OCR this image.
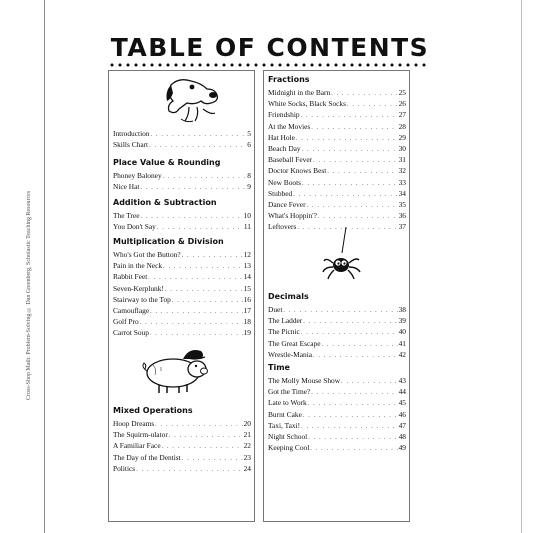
Cross-Shop Math: Problem-Solving © Dan Greenberg, Scholastic Teaching Resources
TABLE OF CONTENTS
Introduction . . .	5
Skills Chart . . .	6
Place Value & Rounding
Phoney Baloney . . .	8
Nice Hat . . .	9
Addition & Subtraction
The Tree . . .	10
You Don't Say . . .	11
Multiplication & Division
Who's Got the Button? . . .	12
Pain in the Neck . . .	13
Rabbit Feet . . .	14
Seven-Kerplunk! . . .	15
Stairway to the Top . . .	16
Camouflage . . .	17
Golf Pro . . .	18
Carrot Soup . . .	19
Mixed Operations
Hoop Dreams . . .	20
The Squirm-ulator . . .	21
A Familiar Face . . .	22
The Day of the Dentist . . .	23
Politics . . .	24
Fractions
Midnight in the Barn . . .	25
White Socks, Black Socks . . .	26
Friendship . . .	27
At the Movies . . .	28
Hat Hole . . .	29
Beach Day . . .	30
Baseball Fever . . .	31
Doctor Knows Best . . .	32
New Boots . . .	33
Stubbed . . .	34
Dance Fever . . .	35
What's Hoppin'? . . .	36
Leftovers . . .	37
Decimals
Duet . . .	38
The Ladder . . .	39
The Picnic . . .	40
The Great Escape . . .	41
Wrestle-Mania . . .	42
Time
The Molly Mouse Show . . .	43
Got the Time? . . .	44
Late to Work . . .	45
Burnt Cake . . .	46
Taxi, Taxi! . . .	47
Night School . . .	48
Keeping Cool . . .	49
